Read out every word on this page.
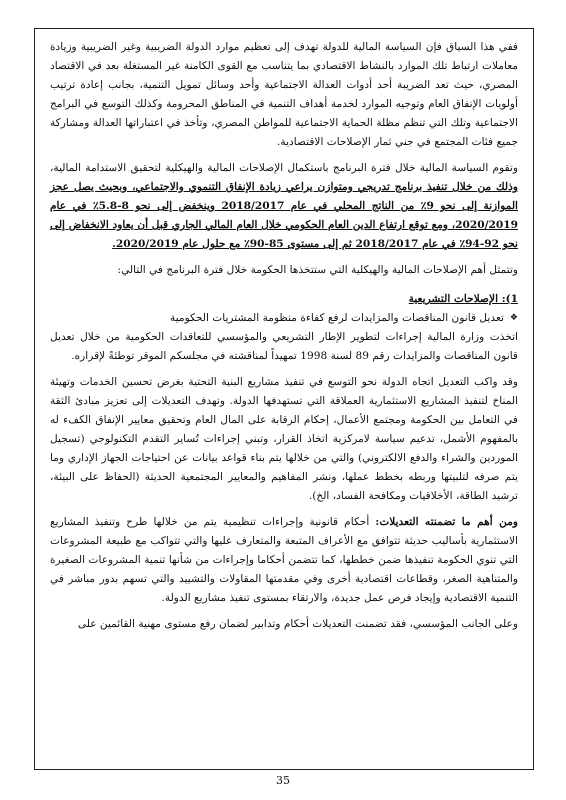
ففي هذا السياق فإن السياسة المالية للدولة تهدف إلى تعظيم موارد الدولة الضريبية وغير الضريبية وزيادة معاملات ارتباط تلك الموارد بالنشاط الاقتصادي بما يتناسب مع القوى الكامنة غير المستغلة بعد في الاقتصاد المصري، حيث تعد الضريبة أحد أدوات العدالة الاجتماعية وأحد وسائل تمويل التنمية، بجانب إعادة ترتيب أولويات الإنفاق العام وتوجيه الموارد لخدمة أهداف التنمية في المناطق المحرومة وكذلك التوسع في البرامج الاجتماعية وتلك التي تنظم مظلة الحماية الاجتماعية للمواطن المصري، وتأخذ في اعتباراتها العدالة ومشاركة جميع فئات المجتمع في جني ثمار الإصلاحات الاقتصادية.

وتقوم السياسة المالية خلال فترة البرنامج باستكمال الإصلاحات المالية والهيكلية لتحقيق الاستدامة المالية، وذلك من خلال تنفيذ برنامج تدريجي ومتوازن يراعي زيادة الإنفاق التنموي والاجتماعي، وبحيث يصل عجز الموازنة إلى نحو 9٪ من الناتج المحلي في عام 2018/2017 وينخفض إلى نحو 8-5.8٪ في عام 2020/2019، ومع توقع ارتفاع الدين العام الحكومي خلال العام المالي الجاري قبل أن يعاود الانخفاض إلى نحو 92-94٪ في عام 2018/2017 ثم إلى مستوى 85-90٪ مع حلول عام 2020/2019.

وتتمثل أهم الإصلاحات المالية والهيكلية التي ستتخذها الحكومة خلال فترة البرنامج في التالي:

1): الإصلاحات التشريعية
❖
تعديل قانون المناقصات والمزايدات لرفع كفاءة منظومة المشتريات الحكومية

اتخذت وزارة المالية إجراءات لتطوير الإطار التشريعي والمؤسسي للتعاقدات الحكومية من خلال تعديل قانون المناقصات والمزايدات رقم 89 لسنة 1998 تمهيداً لمناقشته في مجلسكم الموقر توطئةً لإقراره.

وقد واكب التعديل اتجاه الدولة نحو التوسع في تنفيذ مشاريع البنية التحتية بغرض تحسين الخدمات وتهيئة المناخ لتنفيذ المشاريع الاستثمارية العملاقة التي تستهدفها الدولة. وتهدف التعديلات إلى تعزيز مبادئ الثقة في التعامل بين الحكومة ومجتمع الأعمال، إحكام الرقابة على المال العام وتحقيق معايير الإنفاق الكفء له بالمفهوم الأشمل، تدعيم سياسة لامركزية اتخاذ القرار، وتبني إجراءات تُساير التقدم التكنولوجي (تسجيل الموردين والشراء والدفع الالكتروني) والتي من خلالها يتم بناء قواعد بيانات عن احتياجات الجهاز الإداري وما يتم صرفه لتلبيتها وربطه بخطط عملها، ونشر المفاهيم والمعايير المجتمعية الحديثة (الحفاظ على البيئة، ترشيد الطاقة، الأخلاقيات ومكافحة الفساد، الخ).

ومن أهم ما تضمنته التعديلات: أحكام قانونية وإجراءات تنظيمية يتم من خلالها طرح وتنفيذ المشاريع الاستثمارية بأساليب حديثة تتوافق مع الأعراف المتبعة والمتعارف عليها والتي تتواكب مع طبيعة المشروعات التي تنوي الحكومة تنفيذها ضمن خططها، كما تتضمن أحكاما وإجراءات من شأنها تنمية المشروعات الصغيرة والمتناهية الصغر، وقطاعات اقتصادية أخرى وفي مقدمتها المقاولات والتشييد والتي تسهم بدور مباشر في التنمية الاقتصادية وإيجاد فرص عمل جديدة، والارتقاء بمستوى تنفيذ مشاريع الدولة.

وعلى الجانب المؤسسي، فقد تضمنت التعديلات أحكام وتدابير لضمان رفع مستوى مهنية القائمين على

35
